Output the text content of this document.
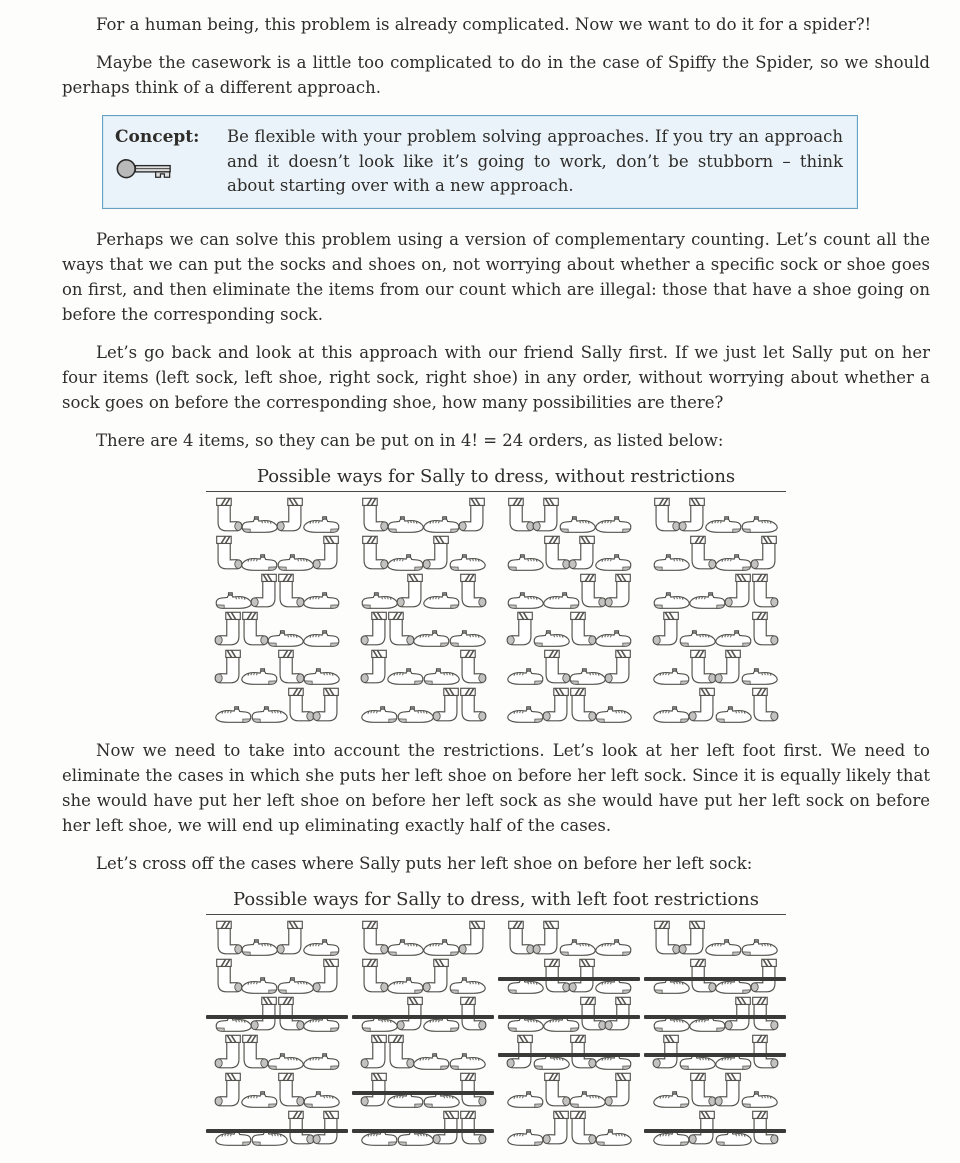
For a human being, this problem is already complicated. Now we want to do it for a spider?!

Maybe the casework is a little too complicated to do in the case of Spiffy the Spider, so we should perhaps think of a different approach.

Concept:	Be flexible with your problem solving approaches. If you try an approach and it doesn’t look like it’s going to work, don’t be stubborn – think about starting over with a new approach.

Perhaps we can solve this problem using a version of complementary counting. Let’s count all the ways that we can put the socks and shoes on, not worrying about whether a specific sock or shoe goes on first, and then eliminate the items from our count which are illegal: those that have a shoe going on before the corresponding sock.

Let’s go back and look at this approach with our friend Sally first. If we just let Sally put on her four items (left sock, left shoe, right sock, right shoe) in any order, without worrying about whether a sock goes on before the corresponding shoe, how many possibilities are there?

There are 4 items, so they can be put on in 4! = 24 orders, as listed below:

Possible ways for Sally to dress, without restrictions

Now we need to take into account the restrictions. Let’s look at her left foot first. We need to eliminate the cases in which she puts her left shoe on before her left sock. Since it is equally likely that she would have put her left shoe on before her left sock as she would have put her left sock on before her left shoe, we will end up eliminating exactly half of the cases.

Let’s cross off the cases where Sally puts her left shoe on before her left sock:

Possible ways for Sally to dress, with left foot restrictions
